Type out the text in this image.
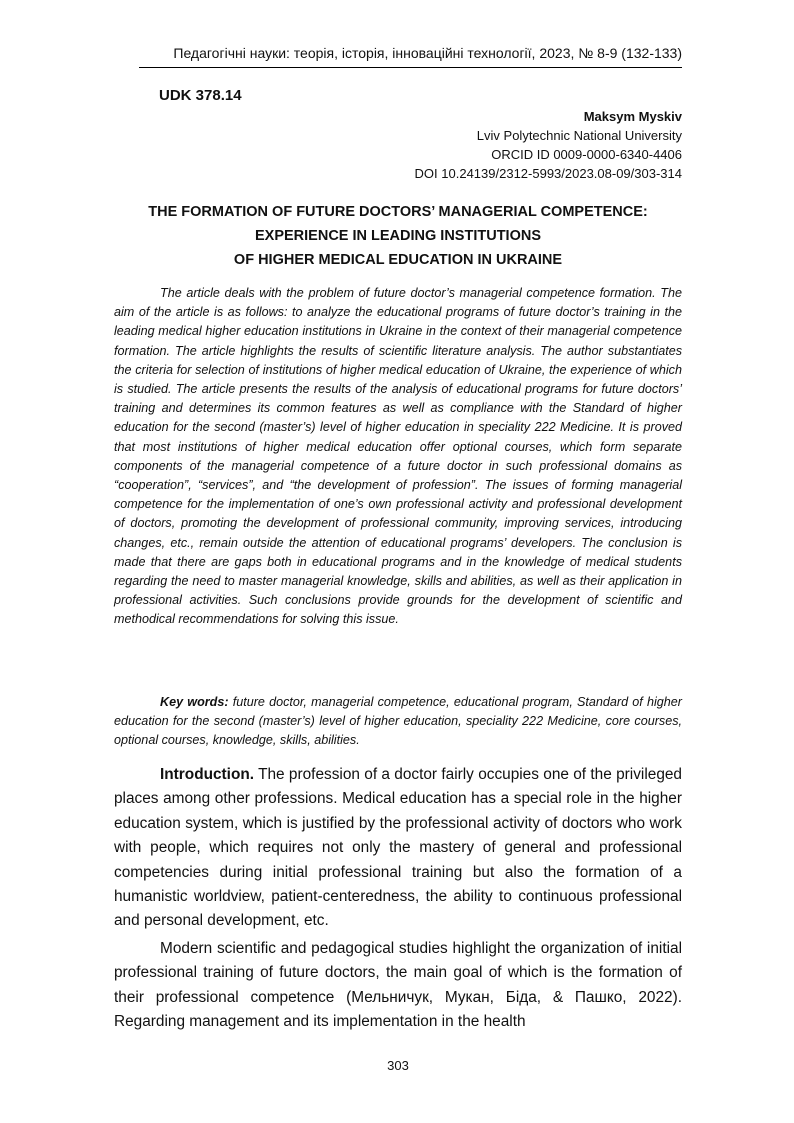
Педагогічні науки: теорія, історія, інноваційні технології, 2023, № 8-9 (132-133)
UDK 378.14
Maksym Myskiv
Lviv Polytechnic National University
ORCID ID 0009-0000-6340-4406
DOI 10.24139/2312-5993/2023.08-09/303-314
THE FORMATION OF FUTURE DOCTORS’ MANAGERIAL COMPETENCE:
EXPERIENCE IN LEADING INSTITUTIONS
OF HIGHER MEDICAL EDUCATION IN UKRAINE

The article deals with the problem of future doctor’s managerial competence formation. The aim of the article is as follows: to analyze the educational programs of future doctor’s training in the leading medical higher education institutions in Ukraine in the context of their managerial competence formation. The article highlights the results of scientific literature analysis. The author substantiates the criteria for selection of institutions of higher medical education of Ukraine, the experience of which is studied. The article presents the results of the analysis of educational programs for future doctors’ training and determines its common features as well as compliance with the Standard of higher education for the second (master’s) level of higher education in speciality 222 Medicine. It is proved that most institutions of higher medical education offer optional courses, which form separate components of the managerial competence of a future doctor in such professional domains as “cooperation”, “services”, and “the development of profession”. The issues of forming managerial competence for the implementation of one’s own professional activity and professional development of doctors, promoting the development of professional community, improving services, introducing changes, etc., remain outside the attention of educational programs’ developers. The conclusion is made that there are gaps both in educational programs and in the knowledge of medical students regarding the need to master managerial knowledge, skills and abilities, as well as their application in professional activities. Such conclusions provide grounds for the development of scientific and methodical recommendations for solving this issue.

Key words: future doctor, managerial competence, educational program, Standard of higher education for the second (master’s) level of higher education, speciality 222 Medicine, core courses, optional courses, knowledge, skills, abilities.

Introduction. The profession of a doctor fairly occupies one of the privileged places among other professions. Medical education has a special role in the higher education system, which is justified by the professional activity of doctors who work with people, which requires not only the mastery of general and professional competencies during initial professional training but also the formation of a humanistic worldview, patient-centeredness, the ability to continuous professional and personal development, etc.

Modern scientific and pedagogical studies highlight the organization of initial professional training of future doctors, the main goal of which is the formation of their professional competence (Мельничук, Мукан, Біда, & Пашко, 2022). Regarding management and its implementation in the health

303
